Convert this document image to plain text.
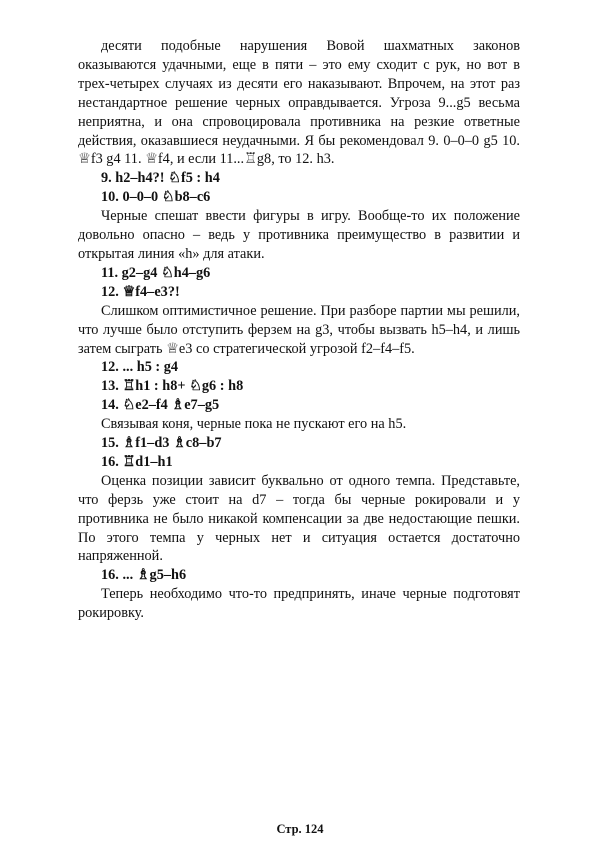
десяти подобные нарушения Вовой шахматных законов оказываются удачными, еще в пяти – это ему сходит с рук, но вот в трех-четырех случаях из десяти его наказывают. Впрочем, на этот раз нестандартное решение черных оправдывается. Угроза 9...g5 весьма неприятна, и она спровоцировала противника на резкие ответные действия, оказавшиеся неудачными. Я бы рекомендовал 9. 0–0–0 g5 10. ♕f3 g4 11. ♕f4, и если 11...♖g8, то 12. h3.

9. h2–h4?! ♘f5 : h4

10. 0–0–0 ♘b8–c6

Черные спешат ввести фигуры в игру. Вообще-то их положение довольно опасно – ведь у противника преимущество в развитии и открытая линия «h» для атаки.

11. g2–g4 ♘h4–g6

12. ♕f4–e3?!

Слишком оптимистичное решение. При разборе партии мы решили, что лучше было отступить ферзем на g3, чтобы вызвать h5–h4, и лишь затем сыграть ♕e3 со стратегической угрозой f2–f4–f5.

12. ... h5 : g4

13. ♖h1 : h8+ ♘g6 : h8

14. ♘e2–f4 ♗e7–g5

Связывая коня, черные пока не пускают его на h5.

15. ♗f1–d3 ♗c8–b7

16. ♖d1–h1

Оценка позиции зависит буквально от одного темпа. Представьте, что ферзь уже стоит на d7 – тогда бы черные рокировали и у противника не было никакой компенсации за две недостающие пешки. По этого темпа у черных нет и ситуация остается достаточно напряженной.

16. ... ♗g5–h6

Теперь необходимо что-то предпринять, иначе черные подготовят рокировку.

Стр. 124
